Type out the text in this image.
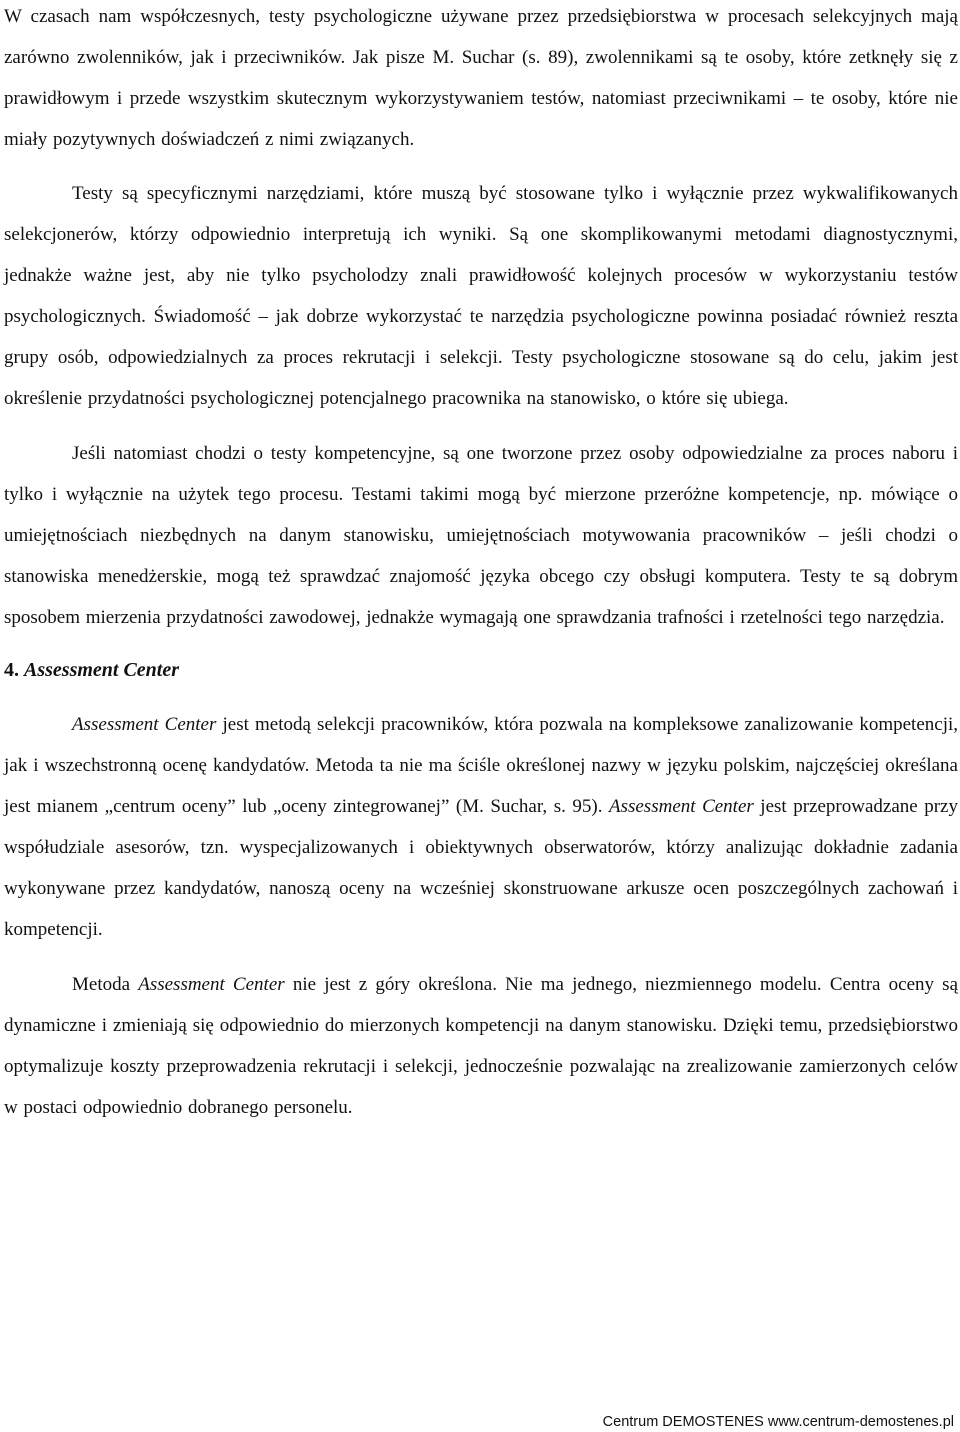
W czasach nam współczesnych, testy psychologiczne używane przez przedsiębiorstwa w procesach selekcyjnych mają zarówno zwolenników, jak i przeciwników. Jak pisze M. Suchar (s. 89), zwolennikami są te osoby, które zetknęły się z prawidłowym i przede wszystkim skutecznym wykorzystywaniem testów, natomiast przeciwnikami – te osoby, które nie miały pozytywnych doświadczeń z nimi związanych.

Testy są specyficznymi narzędziami, które muszą być stosowane tylko i wyłącznie przez wykwalifikowanych selekcjonerów, którzy odpowiednio interpretują ich wyniki. Są one skomplikowanymi metodami diagnostycznymi, jednakże ważne jest, aby nie tylko psycholodzy znali prawidłowość kolejnych procesów w wykorzystaniu testów psychologicznych. Świadomość – jak dobrze wykorzystać te narzędzia psychologiczne powinna posiadać również reszta grupy osób, odpowiedzialnych za proces rekrutacji i selekcji. Testy psychologiczne stosowane są do celu, jakim jest określenie przydatności psychologicznej potencjalnego pracownika na stanowisko, o które się ubiega.

Jeśli natomiast chodzi o testy kompetencyjne, są one tworzone przez osoby odpowiedzialne za proces naboru i tylko i wyłącznie na użytek tego procesu. Testami takimi mogą być mierzone przeróżne kompetencje, np. mówiące o umiejętnościach niezbędnych na danym stanowisku, umiejętnościach motywowania pracowników – jeśli chodzi o stanowiska menedżerskie, mogą też sprawdzać znajomość języka obcego czy obsługi komputera. Testy te są dobrym sposobem mierzenia przydatności zawodowej, jednakże wymagają one sprawdzania trafności i rzetelności tego narzędzia.

4. Assessment Center

Assessment Center jest metodą selekcji pracowników, która pozwala na kompleksowe zanalizowanie kompetencji, jak i wszechstronną ocenę kandydatów. Metoda ta nie ma ściśle określonej nazwy w języku polskim, najczęściej określana jest mianem „centrum oceny” lub „oceny zintegrowanej” (M. Suchar, s. 95). Assessment Center jest przeprowadzane przy współudziale asesorów, tzn. wyspecjalizowanych i obiektywnych obserwatorów, którzy analizując dokładnie zadania wykonywane przez kandydatów, nanoszą oceny na wcześniej skonstruowane arkusze ocen poszczególnych zachowań i kompetencji.

Metoda Assessment Center nie jest z góry określona. Nie ma jednego, niezmiennego modelu. Centra oceny są dynamiczne i zmieniają się odpowiednio do mierzonych kompetencji na danym stanowisku. Dzięki temu, przedsiębiorstwo optymalizuje koszty przeprowadzenia rekrutacji i selekcji, jednocześnie pozwalając na zrealizowanie zamierzonych celów w postaci odpowiednio dobranego personelu.

Centrum DEMOSTENES www.centrum-demostenes.pl
